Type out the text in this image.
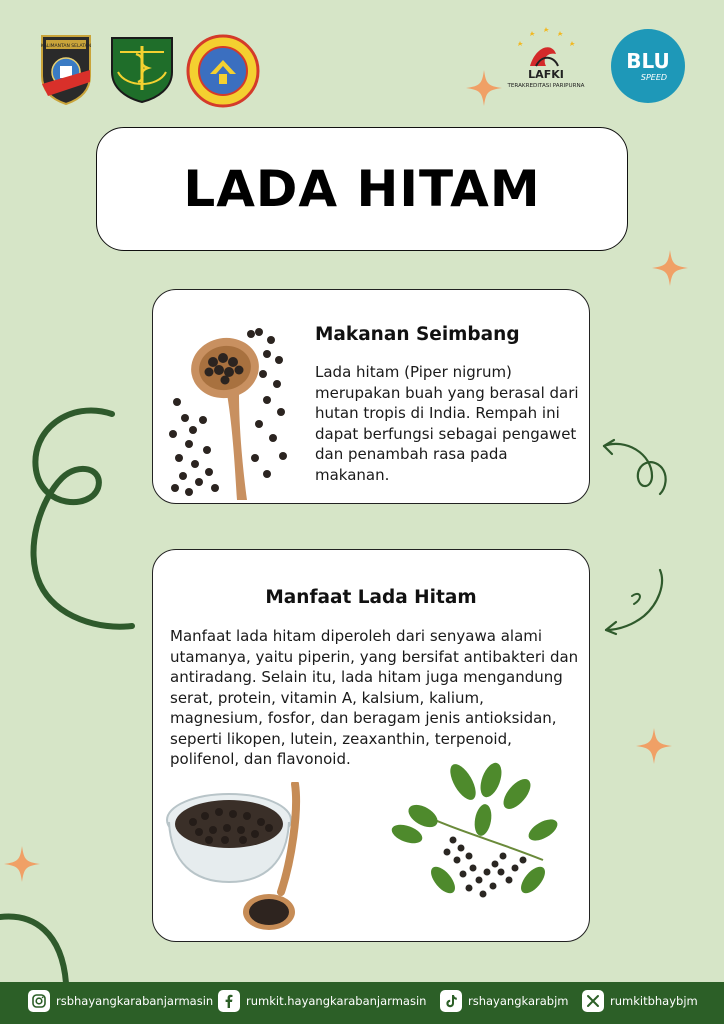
KALIMANTAN SELATAN
LAFKI
TERAKREDITASI PARIPURNA
BLU
SPEED
LADA HITAM
Makanan Seimbang

Lada hitam (Piper nigrum) merupakan buah yang berasal dari hutan tropis di India. Rempah ini dapat berfungsi sebagai pengawet dan penambah rasa pada makanan.

Manfaat Lada Hitam

Manfaat lada hitam diperoleh dari senyawa alami utamanya, yaitu piperin, yang bersifat antibakteri dan antiradang. Selain itu, lada hitam juga mengandung serat, protein, vitamin A, kalsium, kalium, magnesium, fosfor, dan beragam jenis antioksidan, seperti likopen, lutein, zeaxanthin, terpenoid, polifenol, dan flavonoid.

rsbhayangkarabanjarmasin	rumkit.hayangkarabanjarmasin	rshayangkarabjm	rumkitbhaybjm
